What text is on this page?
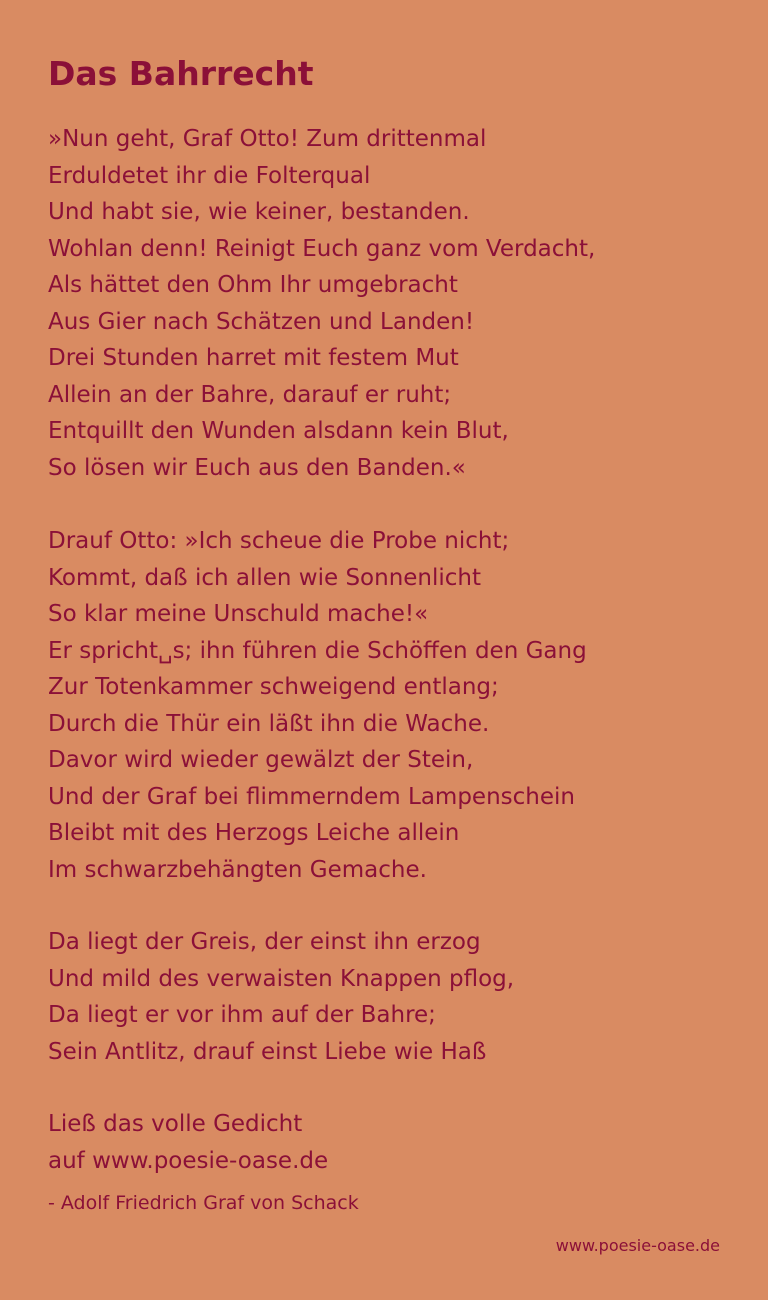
Das Bahrrecht
»Nun geht, Graf Otto! Zum drittenmal
Erduldetet ihr die Folterqual
Und habt sie, wie keiner, bestanden.
Wohlan denn! Reinigt Euch ganz vom Verdacht,
Als hättet den Ohm Ihr umgebracht
Aus Gier nach Schätzen und Landen!
Drei Stunden harret mit festem Mut
Allein an der Bahre, darauf er ruht;
Entquillt den Wunden alsdann kein Blut,
So lösen wir Euch aus den Banden.«
Drauf Otto: »Ich scheue die Probe nicht;
Kommt, daß ich allen wie Sonnenlicht
So klar meine Unschuld mache!«
Er spricht␣s; ihn führen die Schöffen den Gang
Zur Totenkammer schweigend entlang;
Durch die Thür ein läßt ihn die Wache.
Davor wird wieder gewälzt der Stein,
Und der Graf bei flimmerndem Lampenschein
Bleibt mit des Herzogs Leiche allein
Im schwarzbehängten Gemache.
Da liegt der Greis, der einst ihn erzog
Und mild des verwaisten Knappen pflog,
Da liegt er vor ihm auf der Bahre;
Sein Antlitz, drauf einst Liebe wie Haß
Ließ das volle Gedicht
auf www.poesie-oase.de
- Adolf Friedrich Graf von Schack
www.poesie-oase.de
